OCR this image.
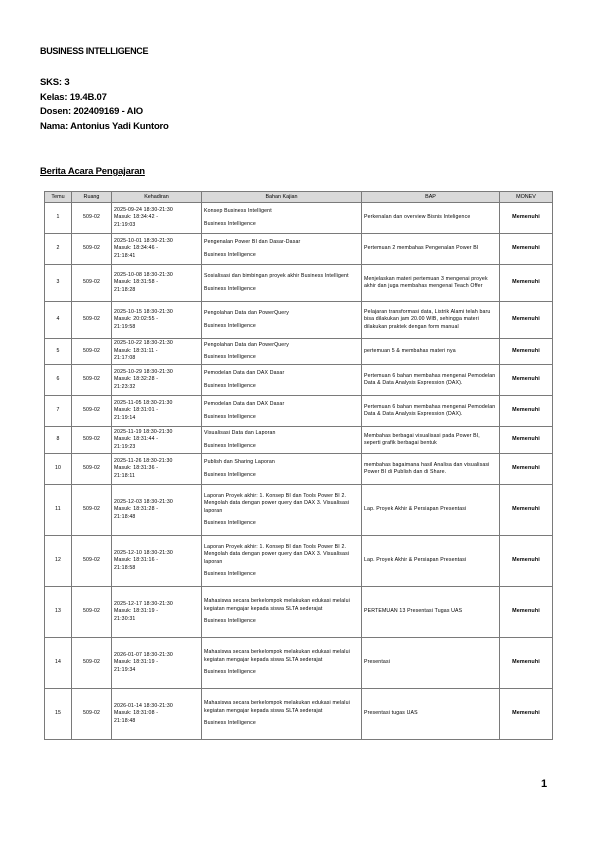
BUSINESS INTELLIGENCE
SKS: 3
Kelas: 19.4B.07
Dosen: 202409169 - AIO
Nama: Antonius Yadi Kuntoro
Berita Acara Pengajaran
Temu	Ruang	Kehadiran	Bahan Kajian	BAP	MONEV
1	509-02	2025-09-24 18:30-21:30
Masuk: 18:34:42 -
21:19:03	Konsep Business Intelligent
Business Intelligence	Perkenalan dan overview Bisnis Inteligence	Memenuhi
2	509-02	2025-10-01 18:30-21:30
Masuk: 18:34:46 -
21:18:41	Pengenalan Power BI dan Dasar-Dasar
Business Intelligence	Pertemuan 2 membahas Pengenalan Power BI	Memenuhi
3	509-02	2025-10-08 18:30-21:30
Masuk: 18:31:58 -
21:18:28	Sosialisasi dan bimbingan proyek akhir Business Intelligent
Business Intelligence	Menjelaskan materi pertemuan 3 mengenai proyek akhir dan juga membahas mengenai Teach Offer	Memenuhi
4	509-02	2025-10-15 18:30-21:30
Masuk: 20:02:55 -
21:19:58	Pengolahan Data dan PowerQuery
Business Intelligence	Pelajaran transformasi data, Listrik Alami telah baru bisa dilakukan jam 20.00 WIB, sehingga materi dilakukan praktek dengan form manual	Memenuhi
5	509-02	2025-10-22 18:30-21:30
Masuk: 18:31:11 -
21:17:08	Pengolahan Data dan PowerQuery
Business Intelligence	pertemuan 5 & membahas materi nya	Memenuhi
6	509-02	2025-10-29 18:30-21:30
Masuk: 18:32:28 -
21:23:32	Pemodelan Data dan DAX Dasar
Business Intelligence	Pertemuan 6 bahan membahas mengenai Pemodelan Data & Data Analysis Expression (DAX).	Memenuhi
7	509-02	2025-11-05 18:30-21:30
Masuk: 18:31:01 -
21:19:14	Pemodelan Data dan DAX Dasar
Business Intelligence	Pertemuan 6 bahan membahas mengenai Pemodelan Data & Data Analysis Expression (DAX).	Memenuhi
8	509-02	2025-11-19 18:30-21:30
Masuk: 18:31:44 -
21:19:23	Visualisasi Data dan Laporan
Business Intelligence	Membahas berbagai visualisasi pada Power BI, seperti grafik berbagai bentuk	Memenuhi
10	509-02	2025-11-26 18:30-21:30
Masuk: 18:31:36 -
21:18:11	Publish dan Sharing Laporan
Business Intelligence	membahas bagaimana hasil Analisa dan visualisasi Power BI di Publish dan di Share.	Memenuhi
11	509-02	2025-12-03 18:30-21:30
Masuk: 18:31:28 -
21:18:48	Laporan Proyek akhir: 1. Konsep BI dan Tools Power BI 2. Mengolah data dengan power query dan DAX 3. Visualisasi laporan
Business Intelligence	Lap. Proyek Akhir & Persiapan Presentasi	Memenuhi
12	509-02	2025-12-10 18:30-21:30
Masuk: 18:31:16 -
21:18:58	Laporan Proyek akhir: 1. Konsep BI dan Tools Power BI 2. Mengolah data dengan power query dan DAX 3. Visualisasi laporan
Business Intelligence	Lap. Proyek Akhir & Persiapan Presentasi	Memenuhi
13	509-02	2025-12-17 18:30-21:30
Masuk: 18:31:19 -
21:30:31	Mahasiswa secara berkelompok melakukan edukasi melalui kegiatan mengajar kepada siswa SLTA sederajat
Business Intelligence	PERTEMUAN 13 Presentasi Tugas UAS	Memenuhi
14	509-02	2026-01-07 18:30-21:30
Masuk: 18:31:19 -
21:19:34	Mahasiswa secara berkelompok melakukan edukasi melalui kegiatan mengajar kepada siswa SLTA sederajat
Business Intelligence	Presentasi	Memenuhi
15	509-02	2026-01-14 18:30-21:30
Masuk: 18:31:08 -
21:18:48	Mahasiswa secara berkelompok melakukan edukasi melalui kegiatan mengajar kepada siswa SLTA sederajat
Business Intelligence	Presentasi tugas UAS	Memenuhi
1
